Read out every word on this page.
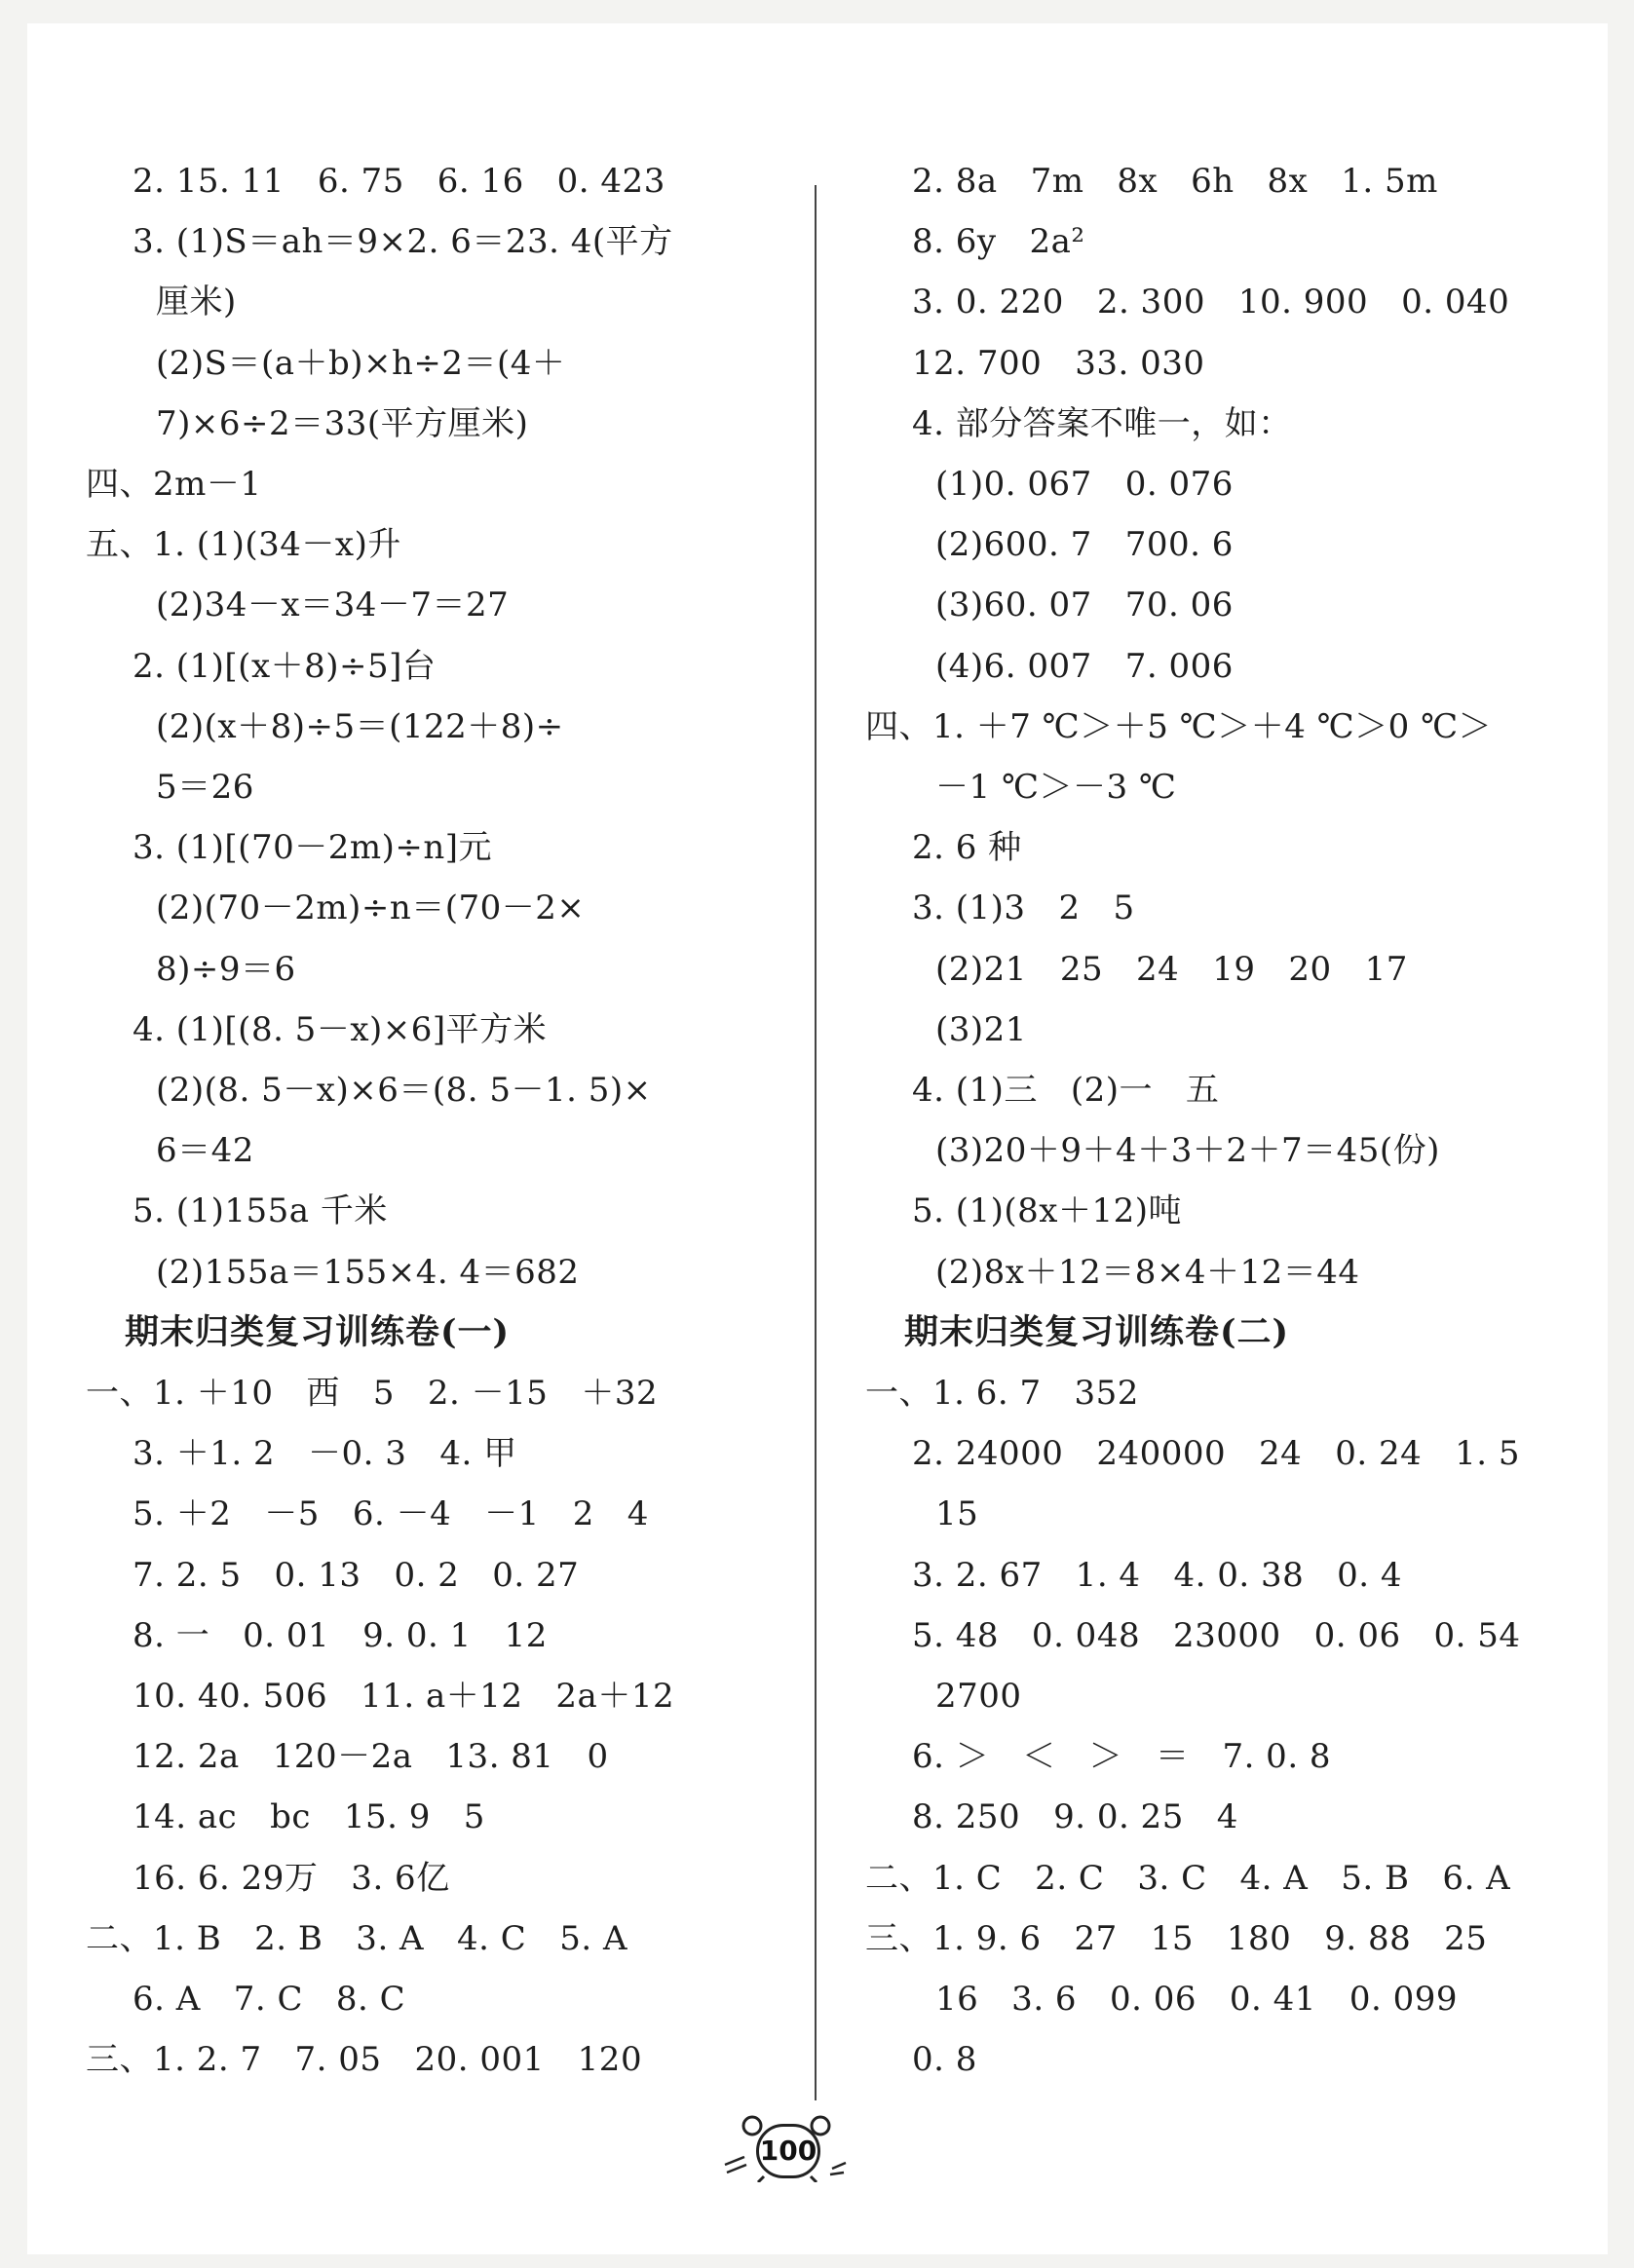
2. 15. 11   6. 75   6. 16   0. 423
3. (1)S＝ah＝9×2. 6＝23. 4(平方
厘米)
(2)S＝(a＋b)×h÷2＝(4＋
7)×6÷2＝33(平方厘米)
四、2m－1
五、1. (1)(34－x)升
(2)34－x＝34－7＝27
2. (1)[(x＋8)÷5]台
(2)(x＋8)÷5＝(122＋8)÷
5＝26
3. (1)[(70－2m)÷n]元
(2)(70－2m)÷n＝(70－2×
8)÷9＝6
4. (1)[(8. 5－x)×6]平方米
(2)(8. 5－x)×6＝(8. 5－1. 5)×
6＝42
5. (1)155a 千米
(2)155a＝155×4. 4＝682
期末归类复习训练卷(一)
一、1. ＋10   西   5   2. －15   ＋32
3. ＋1. 2   －0. 3   4. 甲
5. ＋2   －5   6. －4   －1   2   4
7. 2. 5   0. 13   0. 2   0. 27
8. 一   0. 01   9. 0. 1   12
10. 40. 506   11. a＋12   2a＋12
12. 2a   120－2a   13. 81   0
14. ac   bc   15. 9   5
16. 6. 29万   3. 6亿
二、1. B   2. B   3. A   4. C   5. A
6. A   7. C   8. C
三、1. 2. 7   7. 05   20. 001   120
2. 8a   7m   8x   6h   8x   1. 5m
8. 6y   2a²
3. 0. 220   2. 300   10. 900   0. 040
12. 700   33. 030
4. 部分答案不唯一，如：
(1)0. 067   0. 076
(2)600. 7   700. 6
(3)60. 07   70. 06
(4)6. 007   7. 006
四、1. ＋7 ℃＞＋5 ℃＞＋4 ℃＞0 ℃＞
－1 ℃＞－3 ℃
2. 6 种
3. (1)3   2   5
(2)21   25   24   19   20   17
(3)21
4. (1)三   (2)一   五
(3)20＋9＋4＋3＋2＋7＝45(份)
5. (1)(8x＋12)吨
(2)8x＋12＝8×4＋12＝44
期末归类复习训练卷(二)
一、1. 6. 7   352
2. 24000   240000   24   0. 24   1. 5
15
3. 2. 67   1. 4   4. 0. 38   0. 4
5. 48   0. 048   23000   0. 06   0. 54
2700
6. ＞   ＜   ＞   ＝   7. 0. 8
8. 250   9. 0. 25   4
二、1. C   2. C   3. C   4. A   5. B   6. A
三、1. 9. 6   27   15   180   9. 88   25
16   3. 6   0. 06   0. 41   0. 099
0. 8
100
